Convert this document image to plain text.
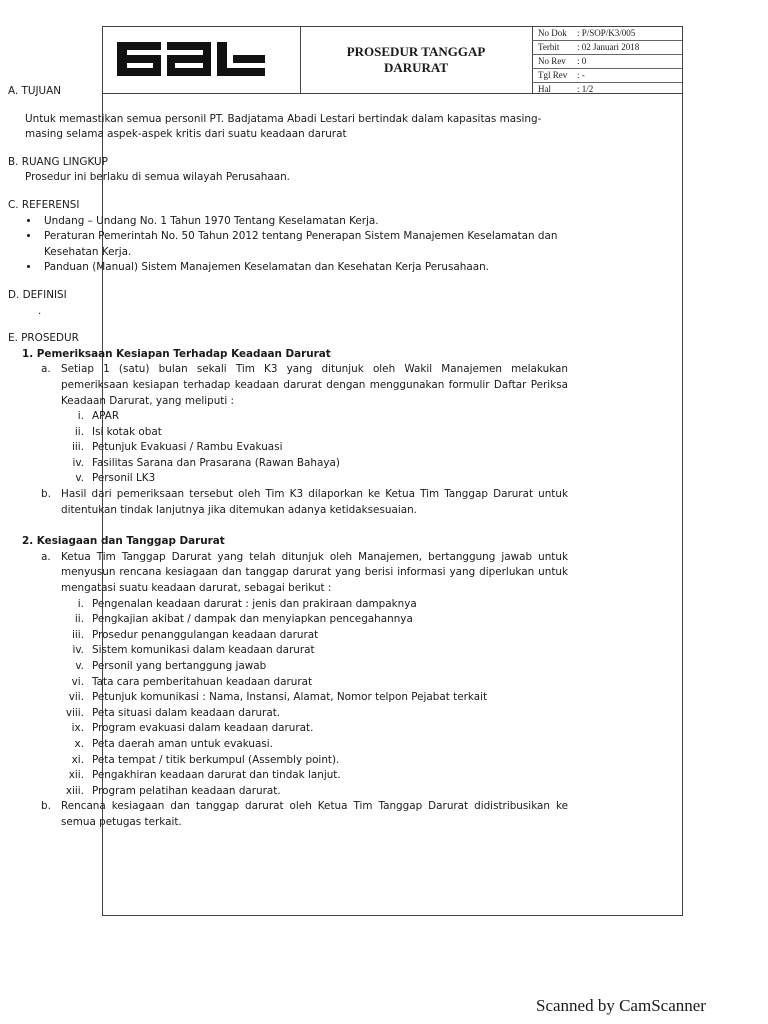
PROSEDUR TANGGAP
DARURAT
No Dok : P/SOP/K3/005
Terbit : 02 Januari 2018
No Rev : 0
Tgl Rev : -
Hal	: 1/2

A. TUJUAN

Untuk memastikan semua personil PT. Badjatama Abadi Lestari bertindak dalam kapasitas masing-masing selama aspek-aspek kritis dari suatu keadaan darurat

B. RUANG LINGKUP

Prosedur ini berlaku di semua wilayah Perusahaan.

C. REFERENSI

• Undang – Undang No. 1 Tahun 1970 Tentang Keselamatan Kerja.
• Peraturan Pemerintah No. 50 Tahun 2012 tentang Penerapan Sistem Manajemen Keselamatan dan Kesehatan Kerja.
• Panduan (Manual) Sistem Manajemen Keselamatan dan Kesehatan Kerja Perusahaan.

D. DEFINISI

.

E. PROSEDUR

1. Pemeriksaan Kesiapan Terhadap Keadaan Darurat
a. Setiap 1 (satu) bulan sekali Tim K3 yang ditunjuk oleh Wakil Manajemen melakukan pemeriksaan kesiapan terhadap keadaan darurat dengan menggunakan formulir Daftar Periksa Keadaan Darurat, yang meliputi :
i. APAR
ii. Isi kotak obat
iii. Petunjuk Evakuasi / Rambu Evakuasi
iv. Fasilitas Sarana dan Prasarana (Rawan Bahaya)
v. Personil LK3
b. Hasil dari pemeriksaan tersebut oleh Tim K3 dilaporkan ke Ketua Tim Tanggap Darurat untuk ditentukan tindak lanjutnya jika ditemukan adanya ketidaksesuaian.
2. Kesiagaan dan Tanggap Darurat
a. Ketua Tim Tanggap Darurat yang telah ditunjuk oleh Manajemen, bertanggung jawab untuk menyusun rencana kesiagaan dan tanggap darurat yang berisi informasi yang diperlukan untuk mengatasi suatu keadaan darurat, sebagai berikut :
i. Pengenalan keadaan darurat : jenis dan prakiraan dampaknya
ii. Pengkajian akibat / dampak dan menyiapkan pencegahannya
iii. Prosedur penanggulangan keadaan darurat
iv. Sistem komunikasi dalam keadaan darurat
v. Personil yang bertanggung jawab
vi. Tata cara pemberitahuan keadaan darurat
vii. Petunjuk komunikasi : Nama, Instansi, Alamat, Nomor telpon Pejabat terkait
viii. Peta situasi dalam keadaan darurat.
ix. Program evakuasi dalam keadaan darurat.
x. Peta daerah aman untuk evakuasi.
xi. Peta tempat / titik berkumpul (Assembly point).
xii. Pengakhiran keadaan darurat dan tindak lanjut.
xiii. Program pelatihan keadaan darurat.
b. Rencana kesiagaan dan tanggap darurat oleh Ketua Tim Tanggap Darurat didistribusikan ke semua petugas terkait.
Scanned by CamScanner
